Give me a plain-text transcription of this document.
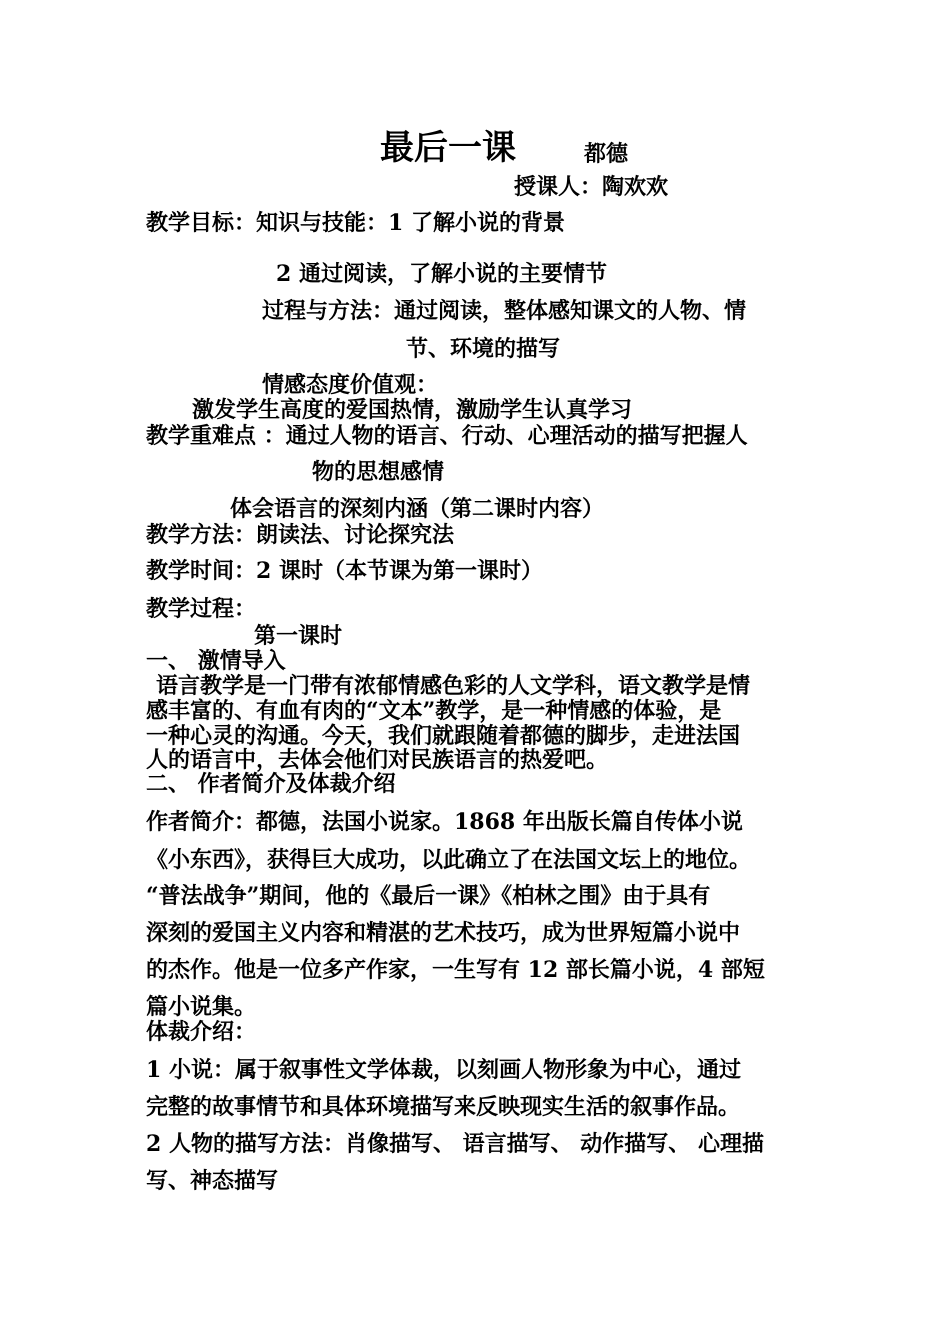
最后一课	都德
授课人：陶欢欢
教学目标：知识与技能：1 了解小说的背景
2 通过阅读，了解小说的主要情节
过程与方法：通过阅读，整体感知课文的人物、情
节、环境的描写
情感态度价值观：
激发学生高度的爱国热情，激励学生认真学习
教学重难点 ：通过人物的语言、行动、心理活动的描写把握人
物的思想感情
体会语言的深刻内涵（第二课时内容）
教学方法：朗读法、讨论探究法
教学时间：2 课时（本节课为第一课时）
教学过程：
第一课时
一、 激情导入
语言教学是一门带有浓郁情感色彩的人文学科，语文教学是情
感丰富的、有血有肉的“文本”教学，是一种情感的体验，是
一种心灵的沟通。今天，我们就跟随着都德的脚步，走进法国
人的语言中，去体会他们对民族语言的热爱吧。
二、 作者简介及体裁介绍
作者简介：都德，法国小说家。1868 年出版长篇自传体小说
《小东西》，获得巨大成功，以此确立了在法国文坛上的地位。
“普法战争”期间，他的《最后一课》《柏林之围》由于具有
深刻的爱国主义内容和精湛的艺术技巧，成为世界短篇小说中
的杰作。他是一位多产作家，一生写有 12 部长篇小说，4 部短
篇小说集。
体裁介绍：
1 小说：属于叙事性文学体裁，以刻画人物形象为中心，通过
完整的故事情节和具体环境描写来反映现实生活的叙事作品。
2 人物的描写方法：肖像描写、 语言描写、 动作描写、 心理描
写、神态描写
